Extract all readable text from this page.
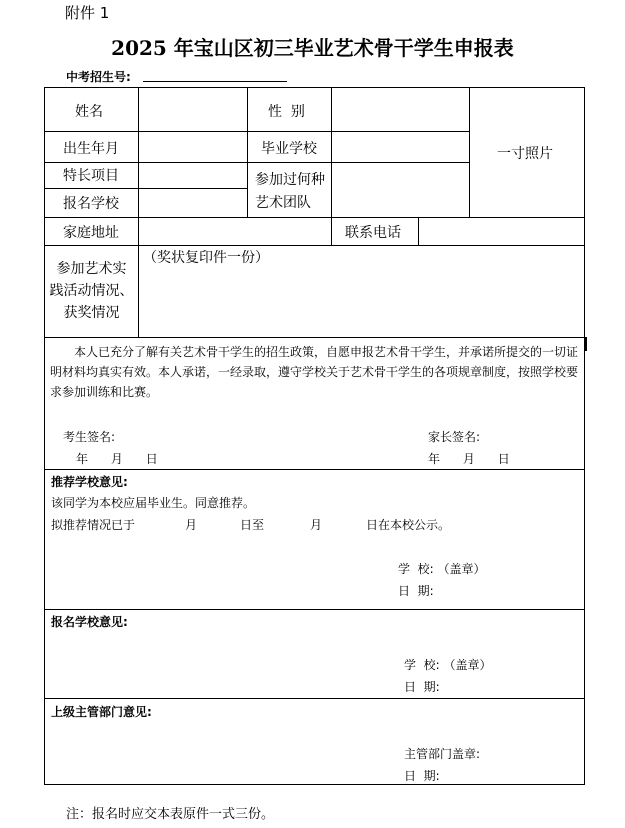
附件 1
2025 年宝山区初三毕业艺术骨干学生申报表
中考招生号:
姓名	性  别
一寸照片
出生年月	毕业学校
特长项目	参加过何种
艺术团队
报名学校
家庭地址	联系电话
参加艺术实
践活动情况、
获奖情况
（奖状复印件一份）
本人已充分了解有关艺术骨干学生的招生政策，自愿申报艺术骨干学生，并承诺所提交的一切证明材料均真实有效。本人承诺，一经录取，遵守学校关于艺术骨干学生的各项规章制度，按照学校要求参加训练和比赛。
考生签名:
年      月      日
家长签名:
年      月      日
推荐学校意见:
该同学为本校应届毕业生。同意推荐。
拟推荐情况已于	月	日至	月	日在本校公示。
学  校: （盖章）
日  期:
报名学校意见:
学  校: （盖章）
日  期:
上级主管部门意见:
主管部门盖章:
日  期:
注：报名时应交本表原件一式三份。
